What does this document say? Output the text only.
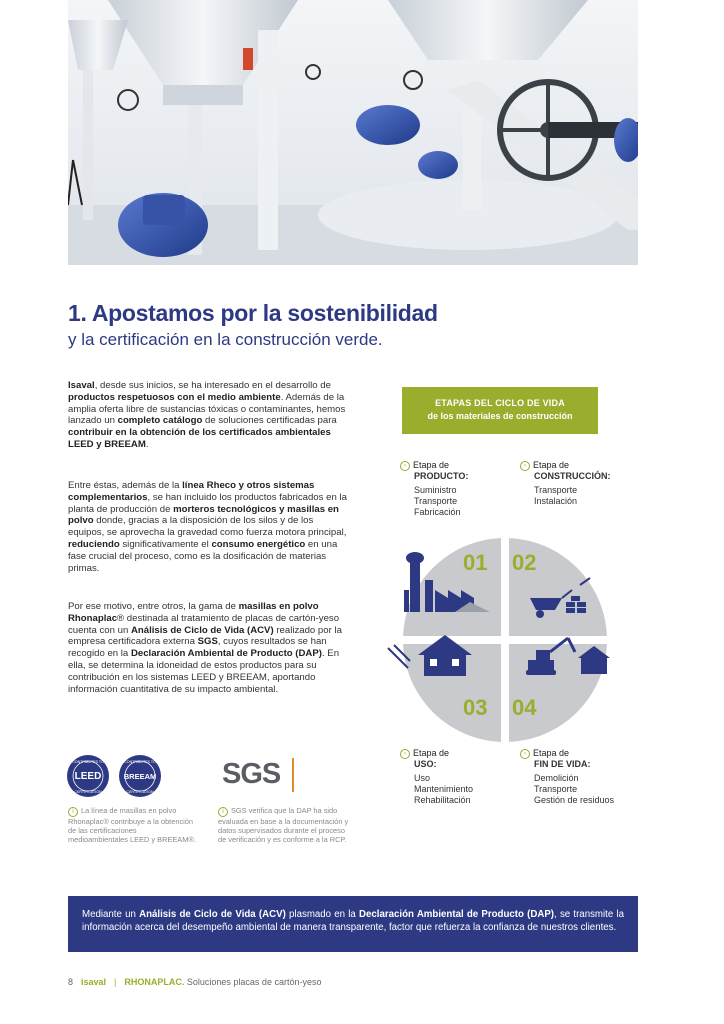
1. Apostamos por la sostenibilidad
y la certificación en la construcción verde.

Isaval, desde sus inicios, se ha interesado en el desarrollo de productos respetuosos con el medio ambiente. Además de la amplia oferta libre de sustancias tóxicas o contaminantes, hemos lanzado un completo catálogo de soluciones certificadas para contribuir en la obtención de los certificados ambientales LEED y BREEAM.

Entre éstas, además de la línea Rheco y otros sistemas complementarios, se han incluido los productos fabricados en la planta de producción de morteros tecnológicos y masillas en polvo donde, gracias a la disposición de los silos y de los equipos, se aprovecha la gravedad como fuerza motora principal, reduciendo significativamente el consumo energético en una fase crucial del proceso, como es la dosificación de materias primas.

Por ese motivo, entre otros, la gama de masillas en polvo Rhonaplac® destinada al tratamiento de placas de cartón-yeso cuenta con un Análisis de Ciclo de Vida (ACV) realizado por la empresa certificadora externa SGS, cuyos resultados se han recogido en la Declaración Ambiental de Producto (DAP). En ella, se determina la idoneidad de estos productos para su contribución en los sistemas LEED y BREEAM, aportando información cuantitativa de su impacto ambiental.

ETAPAS DEL CICLO DE VIDA
de los materiales de construcción
› Etapa de
PRODUCTO:
Suministro
Transporte
Fabricación
› Etapa de
CONSTRUCCIÓN:
Transporte
Instalación
› Etapa de
USO:
Uso
Mantenimiento
Rehabilitación
› Etapa de
FIN DE VIDA:
Demolición
Transporte
Gestión de residuos
01 02
03 04
CONTRIBUTES TO
LEED
CERTIFICATION
CONTRIBUTES TO
BREEAM
CERTIFICATION
SGS
i La línea de masillas en polvo Rhonaplac® contribuye a la obtención de las certificaciones medioambientales LEED y BREEAM®.
i SGS verifica que la DAP ha sido evaluada en base a la documentación y datos supervisados durante el proceso de verificación y es conforme a la RCP.

Mediante un Análisis de Ciclo de Vida (ACV) plasmado en la Declaración Ambiental de Producto (DAP), se transmite la información acerca del desempeño ambiental de manera transparente, factor que refuerza la confianza de nuestros clientes.

8 isaval | RHONAPLAC. Soluciones placas de cartón-yeso
